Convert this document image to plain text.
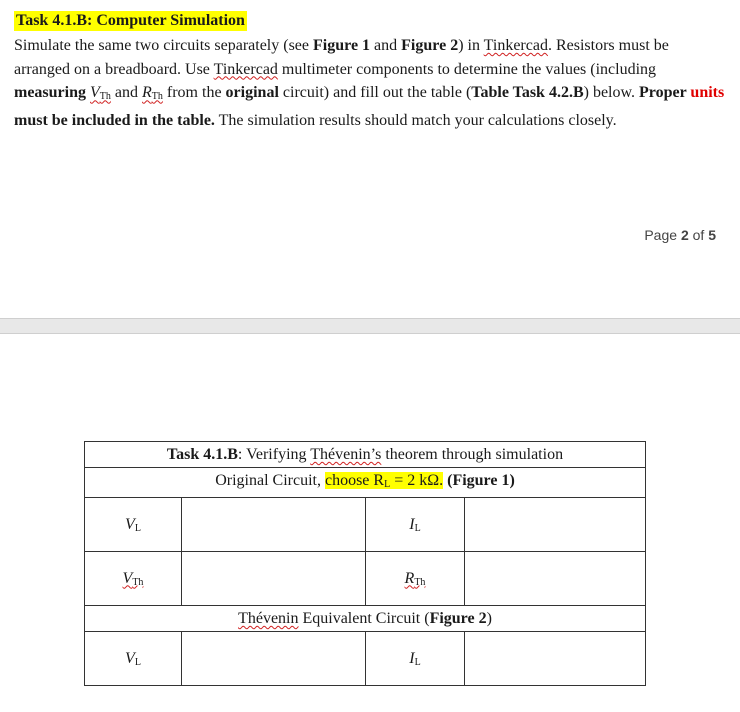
Task 4.1.B: Computer Simulation
Simulate the same two circuits separately (see Figure 1 and Figure 2) in Tinkercad. Resistors must be arranged on a breadboard. Use Tinkercad multimeter components to determine the values (including measuring $V_{Th}$ and $R_{Th}$ from the original circuit) and fill out the table (Table Task 4.2.B) below. Proper units must be included in the table. The simulation results should match your calculations closely.
Page 2 of 5
Task 4.1.B: Verifying Thévenin’s theorem through simulation			
Original Circuit, choose $R_L = 2$ kΩ. (Figure 1)			
$V_L$		$I_L$	
$V_{Th}$		$R_{Th}$	
Thévenin Equivalent Circuit (Figure 2)			
$V_L$		$I_L$	
